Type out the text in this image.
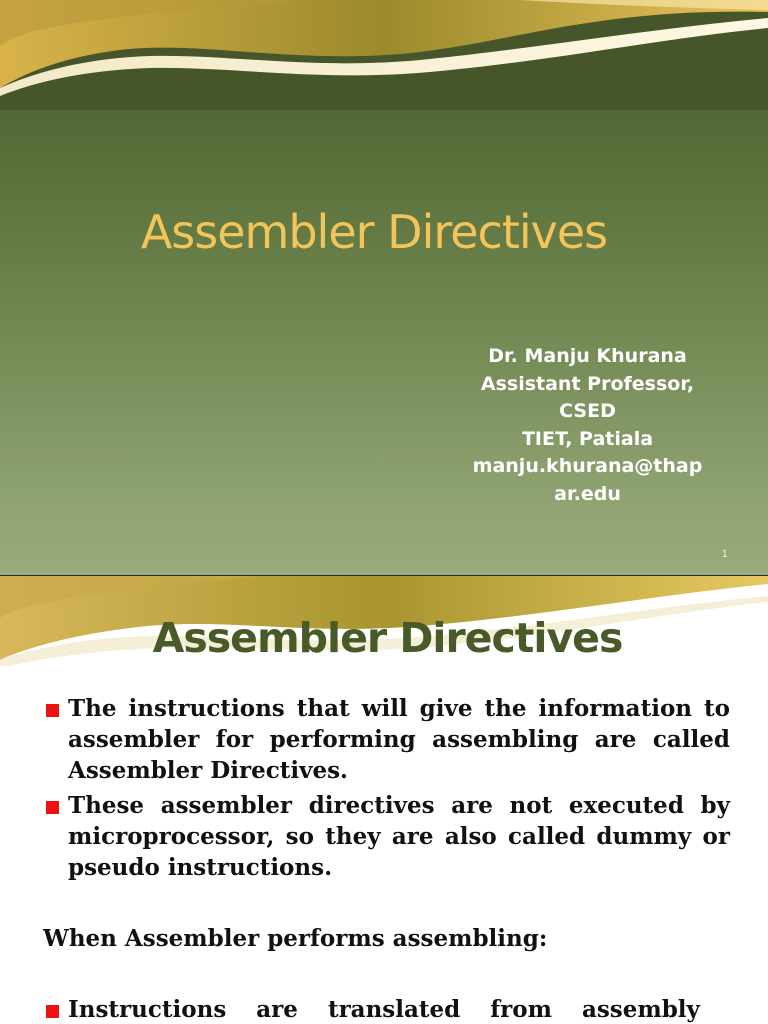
Assembler Directives
Dr. Manju Khurana
Assistant Professor,
CSED
TIET, Patiala
manju.khurana@thap
ar.edu
1
Assembler Directives
The instructions that will give the information to assembler for performing assembling are called Assembler Directives.
These assembler directives are not executed by microprocessor, so they are also called dummy or pseudo instructions.
When Assembler performs assembling:
Instructions are translated from assembly
